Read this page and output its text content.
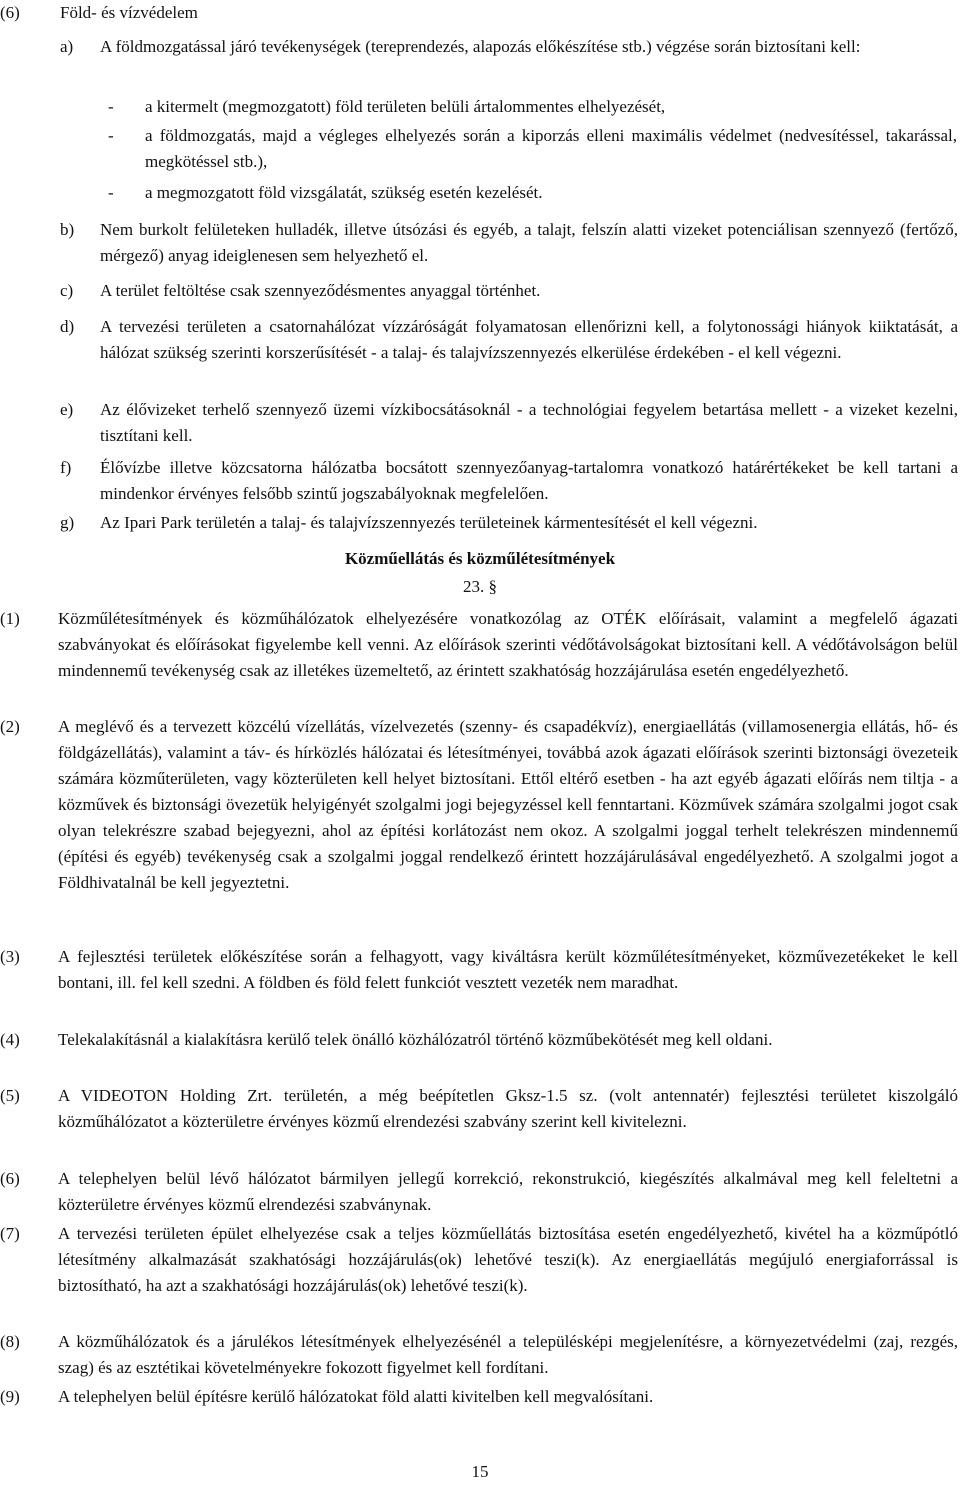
(6) Föld- és vízvédelem
a) A földmozgatással járó tevékenységek (tereprendezés, alapozás előkészítése stb.) végzése során biztosítani kell:
- a kitermelt (megmozgatott) föld területen belüli ártalommentes elhelyezését,
- a földmozgatás, majd a végleges elhelyezés során a kiporzás elleni maximális védelmet (nedvesítéssel, takarással, megkötéssel stb.),
- a megmozgatott föld vizsgálatát, szükség esetén kezelését.
b) Nem burkolt felületeken hulladék, illetve útsózási és egyéb, a talajt, felszín alatti vizeket potenciálisan szennyező (fertőző, mérgező) anyag ideiglenesen sem helyezhető el.
c) A terület feltöltése csak szennyeződésmentes anyaggal történhet.
d) A tervezési területen a csatornahálózat vízzáróságát folyamatosan ellenőrizni kell, a folytonossági hiányok kiiktatását, a hálózat szükség szerinti korszerűsítését - a talaj- és talajvízszennyezés elkerülése érdekében - el kell végezni.
e) Az élővizeket terhelő szennyező üzemi vízkibocsátásoknál - a technológiai fegyelem betartása mellett - a vizeket kezelni, tisztítani kell.
f) Élővízbe illetve közcsatorna hálózatba bocsátott szennyezőanyag-tartalomra vonatkozó határértékeket be kell tartani a mindenkor érvényes felsőbb szintű jogszabályoknak megfelelően.
g) Az Ipari Park területén a talaj- és talajvízszennyezés területeinek kármentesítését el kell végezni.
Közműellátás és közműlétesítmények
23. §
(1) Közműlétesítmények és közműhálózatok elhelyezésére vonatkozólag az OTÉK előírásait, valamint a megfelelő ágazati szabványokat és előírásokat figyelembe kell venni. Az előírások szerinti védőtávolságokat biztosítani kell. A védőtávolságon belül mindennemű tevékenység csak az illetékes üzemeltető, az érintett szakhatóság hozzájárulása esetén engedélyezhető.
(2) A meglévő és a tervezett közcélú vízellátás, vízelvezetés (szenny- és csapadékvíz), energiaellátás (villamosenergia ellátás, hő- és földgázellátás), valamint a táv- és hírközlés hálózatai és létesítményei, továbbá azok ágazati előírások szerinti biztonsági övezeteik számára közműterületen, vagy közterületen kell helyet biztosítani. Ettől eltérő esetben - ha azt egyéb ágazati előírás nem tiltja - a közművek és biztonsági övezetük helyigényét szolgalmi jogi bejegyzéssel kell fenntartani. Közművek számára szolgalmi jogot csak olyan telekrészre szabad bejegyezni, ahol az építési korlátozást nem okoz. A szolgalmi joggal terhelt telekrészen mindennemű (építési és egyéb) tevékenység csak a szolgalmi joggal rendelkező érintett hozzájárulásával engedélyezhető. A szolgalmi jogot a Földhivatalnál be kell jegyeztetni.
(3) A fejlesztési területek előkészítése során a felhagyott, vagy kiváltásra került közműlétesítményeket, közművezetékeket le kell bontani, ill. fel kell szedni. A földben és föld felett funkciót vesztett vezeték nem maradhat.
(4) Telekalakításnál a kialakításra kerülő telek önálló közhálózatról történő közműbekötését meg kell oldani.
(5) A VIDEOTON Holding Zrt. területén, a még beépítetlen Gksz-1.5 sz. (volt antennatér) fejlesztési területet kiszolgáló közműhálózatot a közterületre érvényes közmű elrendezési szabvány szerint kell kivitelezni.
(6) A telephelyen belül lévő hálózatot bármilyen jellegű korrekció, rekonstrukció, kiegészítés alkalmával meg kell feleltetni a közterületre érvényes közmű elrendezési szabványnak.
(7) A tervezési területen épület elhelyezése csak a teljes közműellátás biztosítása esetén engedélyezhető, kivétel ha a közműpótló létesítmény alkalmazását szakhatósági hozzájárulás(ok) lehetővé teszi(k). Az energiaellátás megújuló energiaforrással is biztosítható, ha azt a szakhatósági hozzájárulás(ok) lehetővé teszi(k).
(8) A közműhálózatok és a járulékos létesítmények elhelyezésénél a településképi megjelenítésre, a környezetvédelmi (zaj, rezgés, szag) és az esztétikai követelményekre fokozott figyelmet kell fordítani.
(9) A telephelyen belül építésre kerülő hálózatokat föld alatti kivitelben kell megvalósítani.
15
